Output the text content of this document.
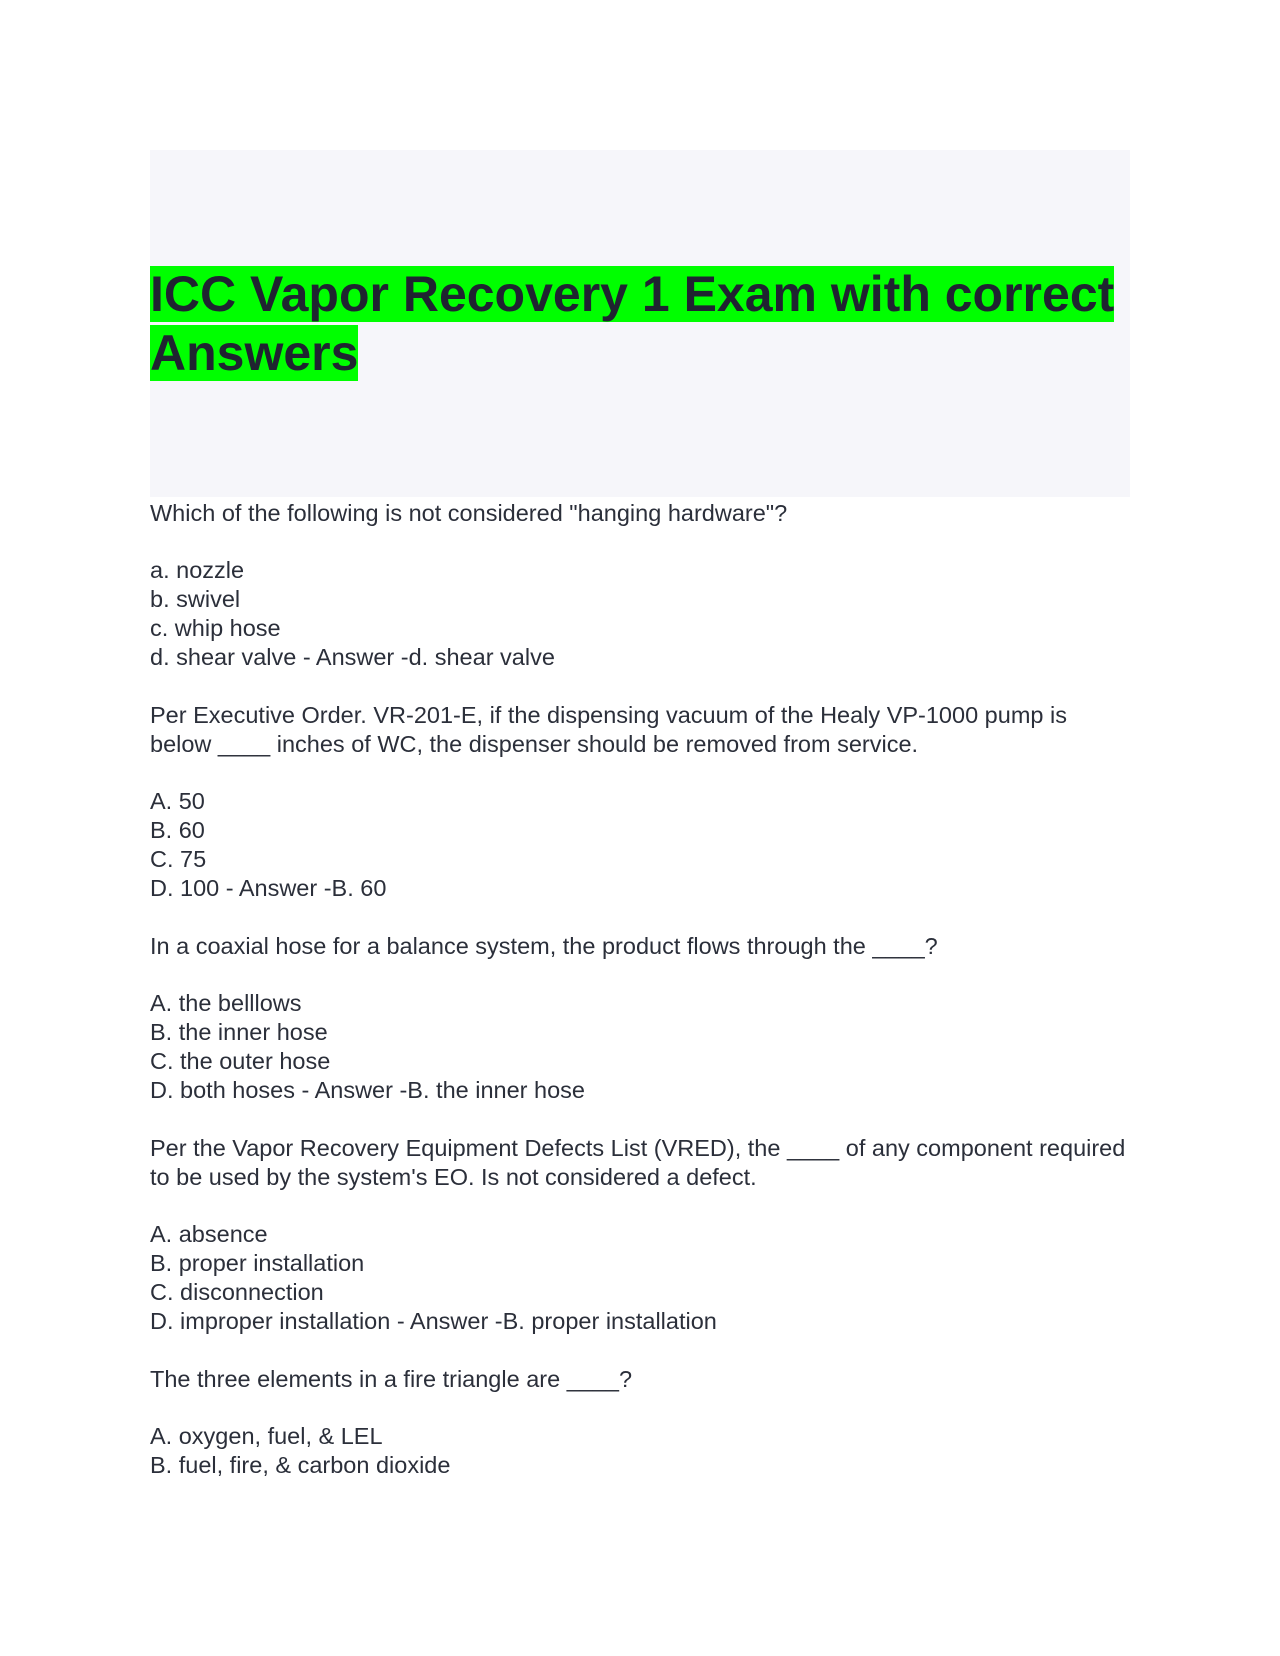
ICC Vapor Recovery 1 Exam with correct Answers

Which of the following is not considered "hanging hardware"?

a. nozzle
b. swivel
c. whip hose
d. shear valve - Answer -d. shear valve

Per Executive Order. VR-201-E, if the dispensing vacuum of the Healy VP-1000 pump is below ____ inches of WC, the dispenser should be removed from service.

A. 50
B. 60
C. 75
D. 100 - Answer -B. 60

In a coaxial hose for a balance system, the product flows through the ____?

A. the belllows
B. the inner hose
C. the outer hose
D. both hoses - Answer -B. the inner hose

Per the Vapor Recovery Equipment Defects List (VRED), the ____ of any component required to be used by the system's EO. Is not considered a defect.

A. absence
B. proper installation
C. disconnection
D. improper installation - Answer -B. proper installation

The three elements in a fire triangle are ____?

A. oxygen, fuel, & LEL
B. fuel, fire, & carbon dioxide
